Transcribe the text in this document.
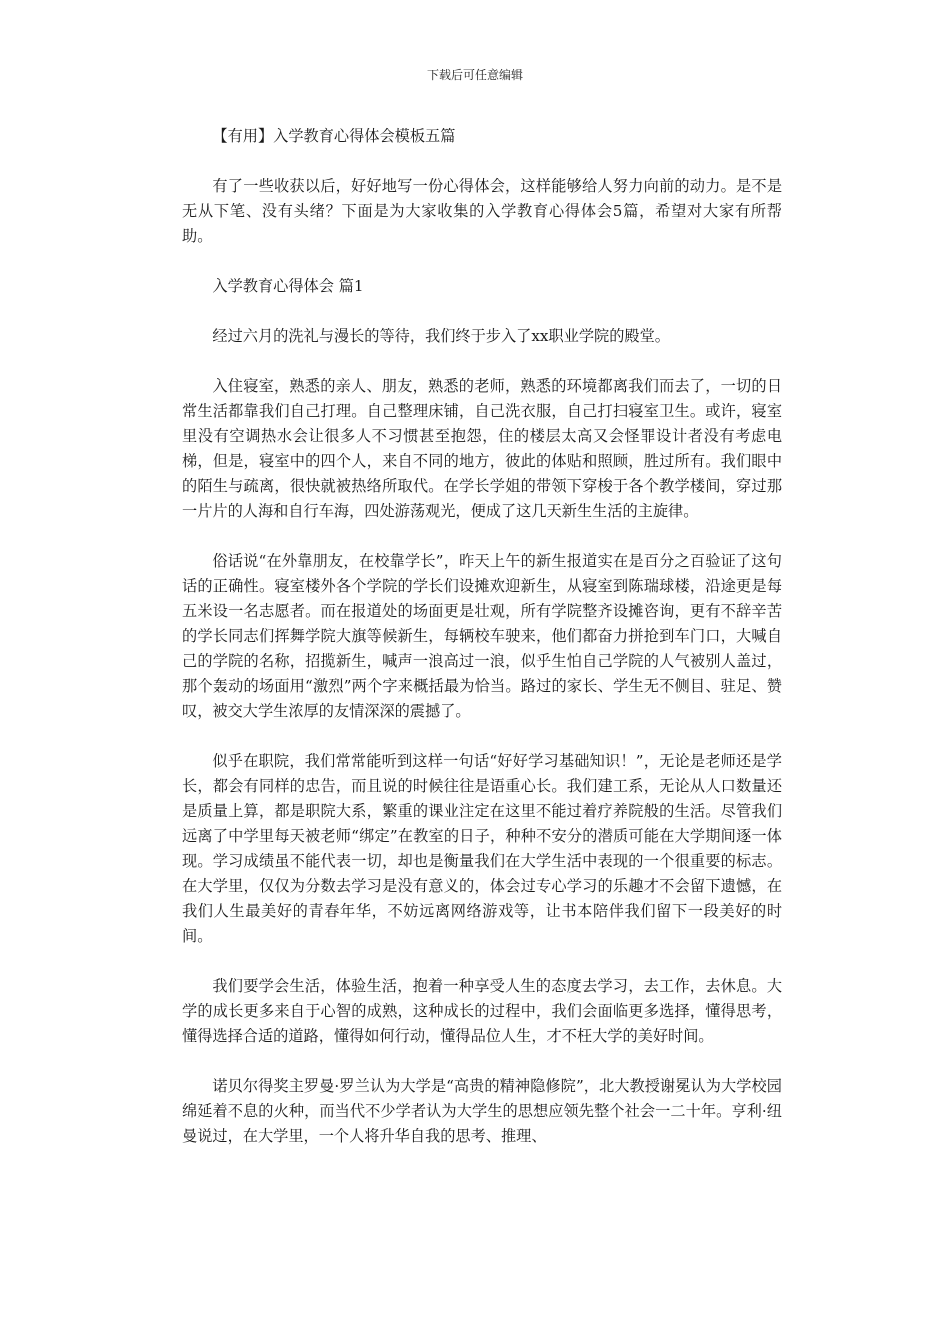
下载后可任意编辑

【有用】入学教育心得体会模板五篇

有了一些收获以后，好好地写一份心得体会，这样能够给人努力向前的动力。是不是无从下笔、没有头绪？下面是为大家收集的入学教育心得体会5篇，希望对大家有所帮助。

入学教育心得体会 篇1

经过六月的洗礼与漫长的等待，我们终于步入了xx职业学院的殿堂。

入住寝室，熟悉的亲人、朋友，熟悉的老师，熟悉的环境都离我们而去了，一切的日常生活都靠我们自己打理。自己整理床铺，自己洗衣服，自己打扫寝室卫生。或许，寝室里没有空调热水会让很多人不习惯甚至抱怨，住的楼层太高又会怪罪设计者没有考虑电梯，但是，寝室中的四个人，来自不同的地方，彼此的体贴和照顾，胜过所有。我们眼中的陌生与疏离，很快就被热络所取代。在学长学姐的带领下穿梭于各个教学楼间，穿过那一片片的人海和自行车海，四处游荡观光，便成了这几天新生生活的主旋律。

俗话说“在外靠朋友，在校靠学长”，昨天上午的新生报道实在是百分之百验证了这句话的正确性。寝室楼外各个学院的学长们设摊欢迎新生，从寝室到陈瑞球楼，沿途更是每五米设一名志愿者。而在报道处的场面更是壮观，所有学院整齐设摊咨询，更有不辞辛苦的学长同志们挥舞学院大旗等候新生，每辆校车驶来，他们都奋力拼抢到车门口，大喊自己的学院的名称，招揽新生，喊声一浪高过一浪，似乎生怕自己学院的人气被别人盖过，那个轰动的场面用“激烈”两个字来概括最为恰当。路过的家长、学生无不侧目、驻足、赞叹，被交大学生浓厚的友情深深的震撼了。

似乎在职院，我们常常能听到这样一句话“好好学习基础知识！”，无论是老师还是学长，都会有同样的忠告，而且说的时候往往是语重心长。我们建工系，无论从人口数量还是质量上算，都是职院大系，繁重的课业注定在这里不能过着疗养院般的生活。尽管我们远离了中学里每天被老师“绑定”在教室的日子，种种不安分的潜质可能在大学期间逐一体现。学习成绩虽不能代表一切，却也是衡量我们在大学生活中表现的一个很重要的标志。在大学里，仅仅为分数去学习是没有意义的，体会过专心学习的乐趣才不会留下遗憾，在我们人生最美好的青春年华，不妨远离网络游戏等，让书本陪伴我们留下一段美好的时间。

我们要学会生活，体验生活，抱着一种享受人生的态度去学习，去工作，去休息。大学的成长更多来自于心智的成熟，这种成长的过程中，我们会面临更多选择，懂得思考，懂得选择合适的道路，懂得如何行动，懂得品位人生，才不枉大学的美好时间。

诺贝尔得奖主罗曼·罗兰认为大学是“高贵的精神隐修院”，北大教授谢冕认为大学校园绵延着不息的火种，而当代不少学者认为大学生的思想应领先整个社会一二十年。亨利·纽曼说过，在大学里，一个人将升华自我的思考、推理、
